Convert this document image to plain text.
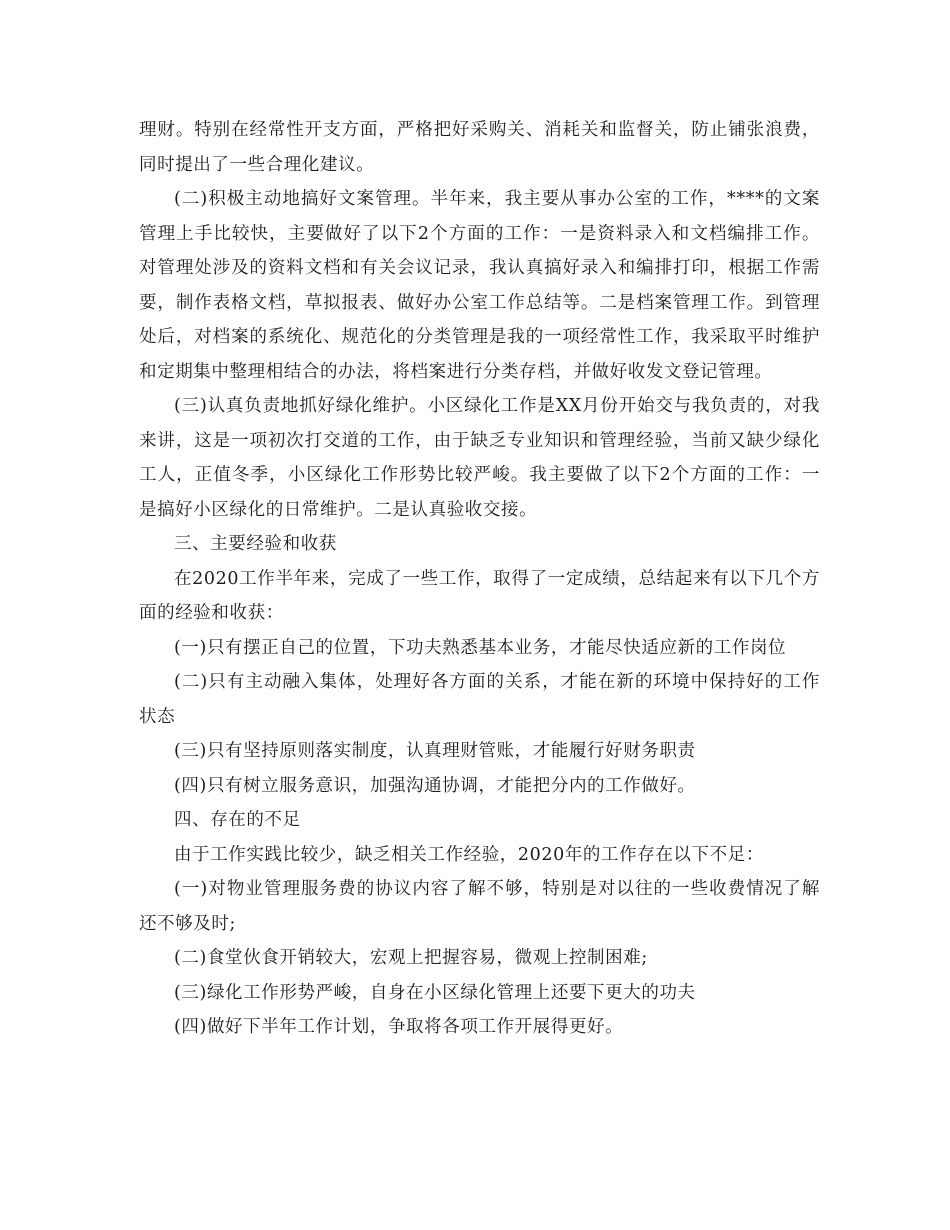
理财。特别在经常性开支方面，严格把好采购关、消耗关和监督关，防止铺张浪费，同时提出了一些合理化建议。

(二)积极主动地搞好文案管理。半年来，我主要从事办公室的工作，****的文案管理上手比较快，主要做好了以下2个方面的工作：一是资料录入和文档编排工作。对管理处涉及的资料文档和有关会议记录，我认真搞好录入和编排打印，根据工作需要，制作表格文档，草拟报表、做好办公室工作总结等。二是档案管理工作。到管理处后，对档案的系统化、规范化的分类管理是我的一项经常性工作，我采取平时维护和定期集中整理相结合的办法，将档案进行分类存档，并做好收发文登记管理。

(三)认真负责地抓好绿化维护。小区绿化工作是XX月份开始交与我负责的，对我来讲，这是一项初次打交道的工作，由于缺乏专业知识和管理经验，当前又缺少绿化工人，正值冬季，小区绿化工作形势比较严峻。我主要做了以下2个方面的工作：一是搞好小区绿化的日常维护。二是认真验收交接。

三、主要经验和收获

在2020工作半年来，完成了一些工作，取得了一定成绩，总结起来有以下几个方面的经验和收获：

(一)只有摆正自己的位置，下功夫熟悉基本业务，才能尽快适应新的工作岗位

(二)只有主动融入集体，处理好各方面的关系，才能在新的环境中保持好的工作状态

(三)只有坚持原则落实制度，认真理财管账，才能履行好财务职责

(四)只有树立服务意识，加强沟通协调，才能把分内的工作做好。

四、存在的不足

由于工作实践比较少，缺乏相关工作经验，2020年的工作存在以下不足：

(一)对物业管理服务费的协议内容了解不够，特别是对以往的一些收费情况了解还不够及时;

(二)食堂伙食开销较大，宏观上把握容易，微观上控制困难;

(三)绿化工作形势严峻，自身在小区绿化管理上还要下更大的功夫

(四)做好下半年工作计划，争取将各项工作开展得更好。
